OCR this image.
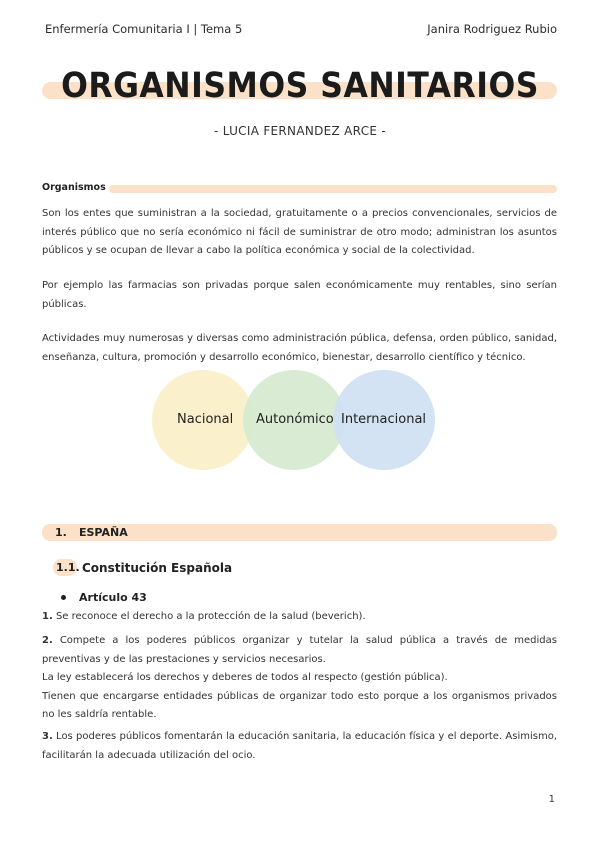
Enfermería Comunitaria I | Tema 5	Janira Rodriguez Rubio
ORGANISMOS SANITARIOS
- LUCIA FERNANDEZ ARCE -
Organismos
Son los entes que suministran a la sociedad, gratuitamente o a precios convencionales, servicios de interés público que no sería económico ni fácil de suministrar de otro modo; administran los asuntos públicos y se ocupan de llevar a cabo la política económica y social de la colectividad.
Por ejemplo las farmacias son privadas porque salen económicamente muy rentables, sino serían públicas.
Actividades muy numerosas y diversas como administración pública, defensa, orden público, sanidad, enseñanza, cultura, promoción y desarrollo económico, bienestar, desarrollo científico y técnico.
Nacional Autonómico Internacional
1. ESPAÑA
1.1. Constitución Española
Artículo 43
1. Se reconoce el derecho a la protección de la salud (beverich).
2. Compete a los poderes públicos organizar y tutelar la salud pública a través de medidas preventivas y de las prestaciones y servicios necesarios.
La ley establecerá los derechos y deberes de todos al respecto (gestión pública).
Tienen que encargarse entidades públicas de organizar todo esto porque a los organismos privados no les saldría rentable.
3. Los poderes públicos fomentarán la educación sanitaria, la educación física y el deporte. Asimismo, facilitarán la adecuada utilización del ocio.
1
